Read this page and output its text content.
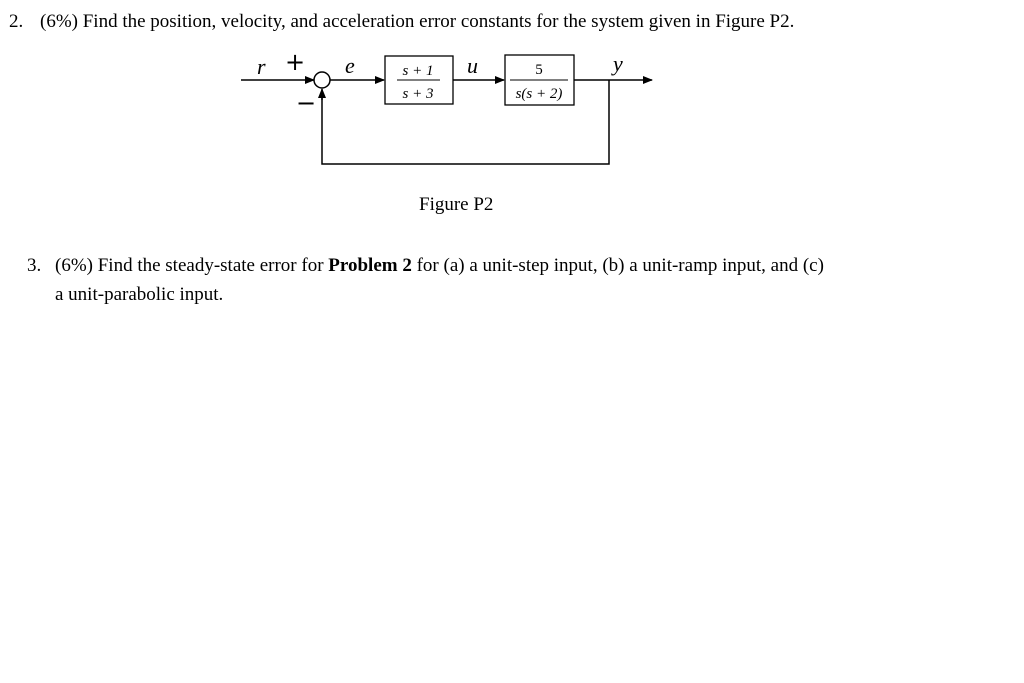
2. (6%) Find the position, velocity, and acceleration error constants for the system given in Figure P2.
r +
−
e	u	y
s + 1
s + 3
5
s(s + 2)
Figure P2
3. (6%) Find the steady-state error for Problem 2 for (a) a unit-step input, (b) a unit-ramp input, and (c)
a unit-parabolic input.
